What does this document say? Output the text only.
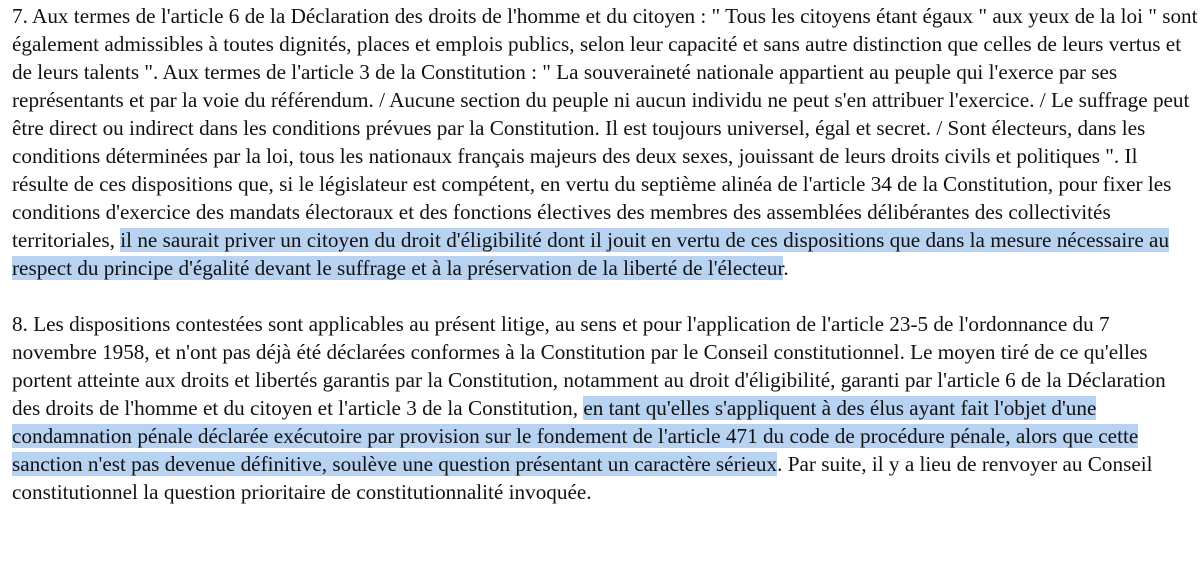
7. Aux termes de l'article 6 de la Déclaration des droits de l'homme et du citoyen : " Tous les citoyens étant égaux " aux yeux de la loi " sont également admissibles à toutes dignités, places et emplois publics, selon leur capacité et sans autre distinction que celles de leurs vertus et de leurs talents ". Aux termes de l'article 3 de la Constitution : " La souveraineté nationale appartient au peuple qui l'exerce par ses représentants et par la voie du référendum. / Aucune section du peuple ni aucun individu ne peut s'en attribuer l'exercice. / Le suffrage peut être direct ou indirect dans les conditions prévues par la Constitution. Il est toujours universel, égal et secret. / Sont électeurs, dans les conditions déterminées par la loi, tous les nationaux français majeurs des deux sexes, jouissant de leurs droits civils et politiques ". Il résulte de ces dispositions que, si le législateur est compétent, en vertu du septième alinéa de l'article 34 de la Constitution, pour fixer les conditions d'exercice des mandats électoraux et des fonctions électives des membres des assemblées délibérantes des collectivités territoriales, il ne saurait priver un citoyen du droit d'éligibilité dont il jouit en vertu de ces dispositions que dans la mesure nécessaire au respect du principe d'égalité devant le suffrage et à la préservation de la liberté de l'électeur.

8. Les dispositions contestées sont applicables au présent litige, au sens et pour l'application de l'article 23-5 de l'ordonnance du 7 novembre 1958, et n'ont pas déjà été déclarées conformes à la Constitution par le Conseil constitutionnel. Le moyen tiré de ce qu'elles portent atteinte aux droits et libertés garantis par la Constitution, notamment au droit d'éligibilité, garanti par l'article 6 de la Déclaration des droits de l'homme et du citoyen et l'article 3 de la Constitution, en tant qu'elles s'appliquent à des élus ayant fait l'objet d'une condamnation pénale déclarée exécutoire par provision sur le fondement de l'article 471 du code de procédure pénale, alors que cette sanction n'est pas devenue définitive, soulève une question présentant un caractère sérieux. Par suite, il y a lieu de renvoyer au Conseil constitutionnel la question prioritaire de constitutionnalité invoquée.
